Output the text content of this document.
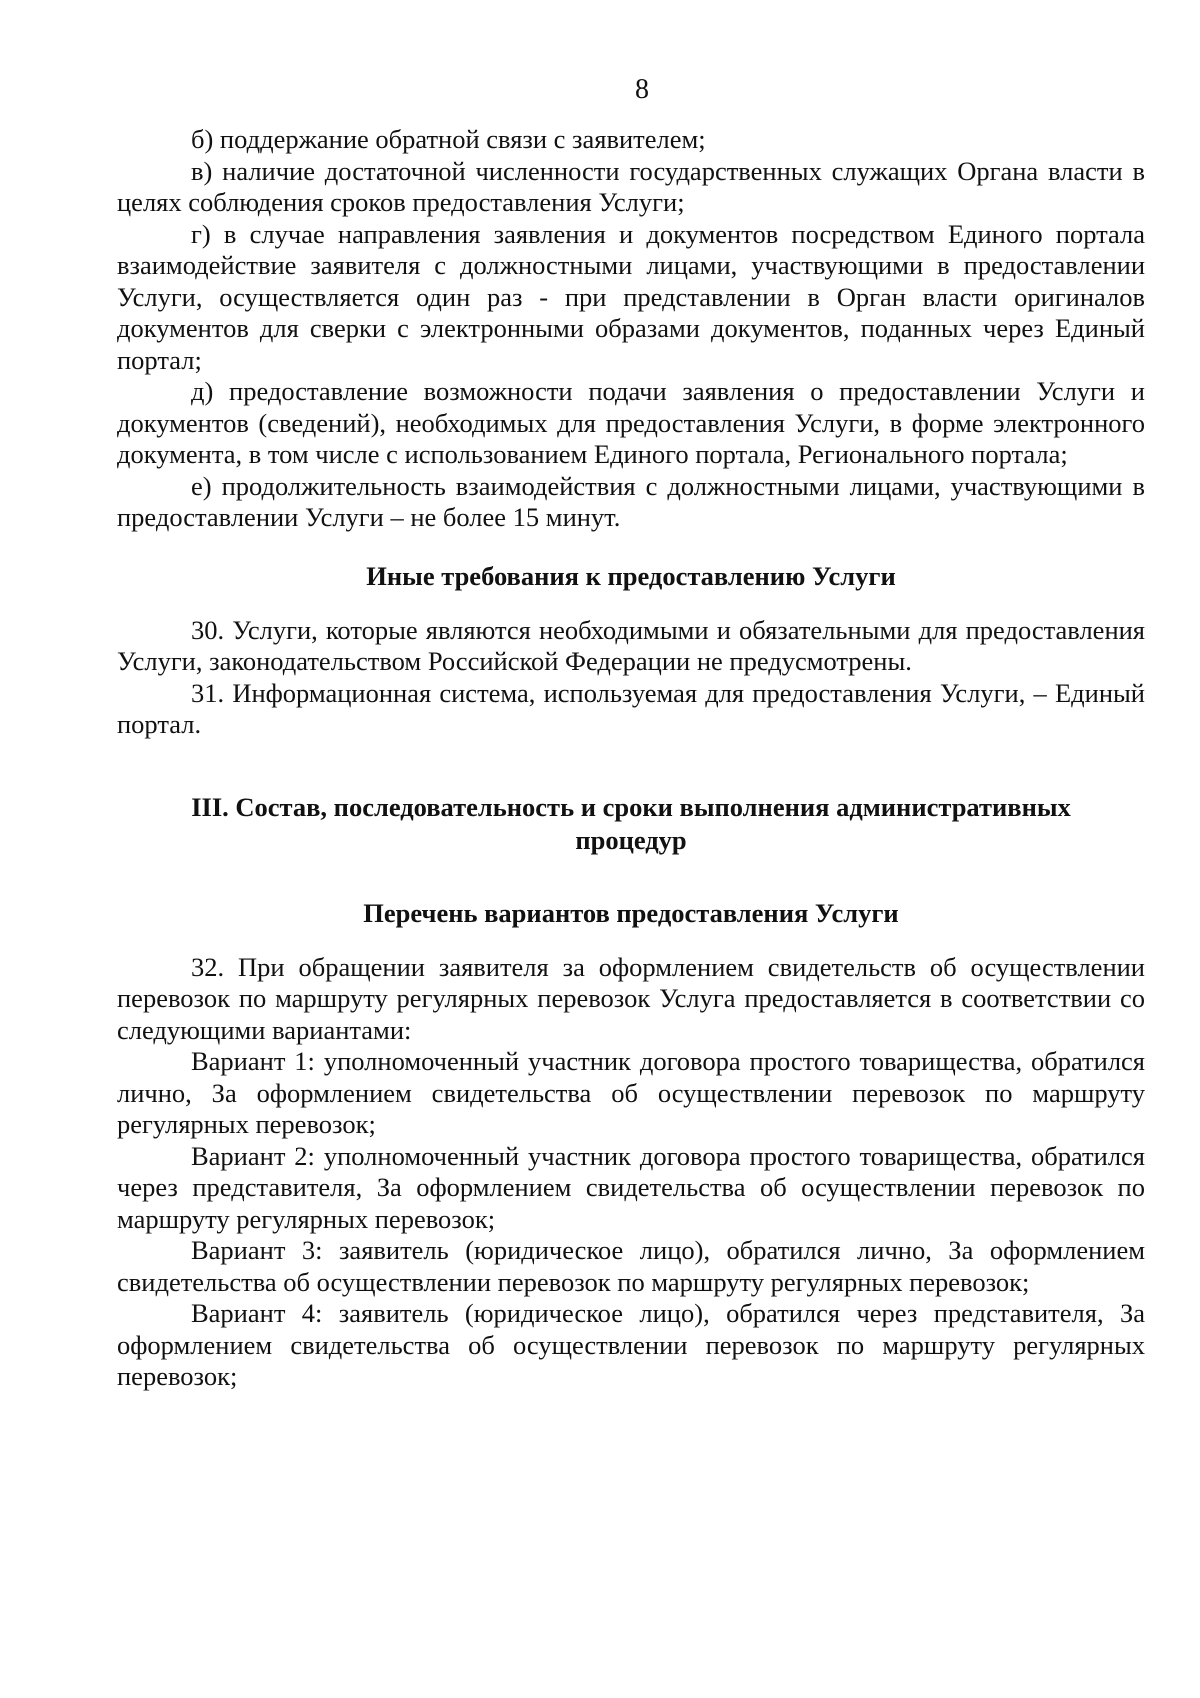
8

б) поддержание обратной связи с заявителем;

в) наличие достаточной численности государственных служащих Органа власти в целях соблюдения сроков предоставления Услуги;

г) в случае направления заявления и документов посредством Единого портала взаимодействие заявителя с должностными лицами, участвующими в предоставлении Услуги, осуществляется один раз - при представлении в Орган власти оригиналов документов для сверки с электронными образами документов, поданных через Единый портал;

д) предоставление возможности подачи заявления о предоставлении Услуги и документов (сведений), необходимых для предоставления Услуги, в форме электронного документа, в том числе с использованием Единого портала, Регионального портала;

е) продолжительность взаимодействия с должностными лицами, участвующими в предоставлении Услуги – не более 15 минут.

Иные требования к предоставлению Услуги

30. Услуги, которые являются необходимыми и обязательными для предоставления Услуги, законодательством Российской Федерации не предусмотрены.

31. Информационная система, используемая для предоставления Услуги, – Единый портал.

III. Состав, последовательность и сроки выполнения административных

процедур

Перечень вариантов предоставления Услуги

32. При обращении заявителя за оформлением свидетельств об осуществлении перевозок по маршруту регулярных перевозок Услуга предоставляется в соответствии со следующими вариантами:

Вариант 1: уполномоченный участник договора простого товарищества, обратился лично, За оформлением свидетельства об осуществлении перевозок по маршруту регулярных перевозок;

Вариант 2: уполномоченный участник договора простого товарищества, обратился через представителя, За оформлением свидетельства об осуществлении перевозок по маршруту регулярных перевозок;

Вариант 3: заявитель (юридическое лицо), обратился лично, За оформлением свидетельства об осуществлении перевозок по маршруту регулярных перевозок;

Вариант 4: заявитель (юридическое лицо), обратился через представителя, За оформлением свидетельства об осуществлении перевозок по маршруту регулярных перевозок;
